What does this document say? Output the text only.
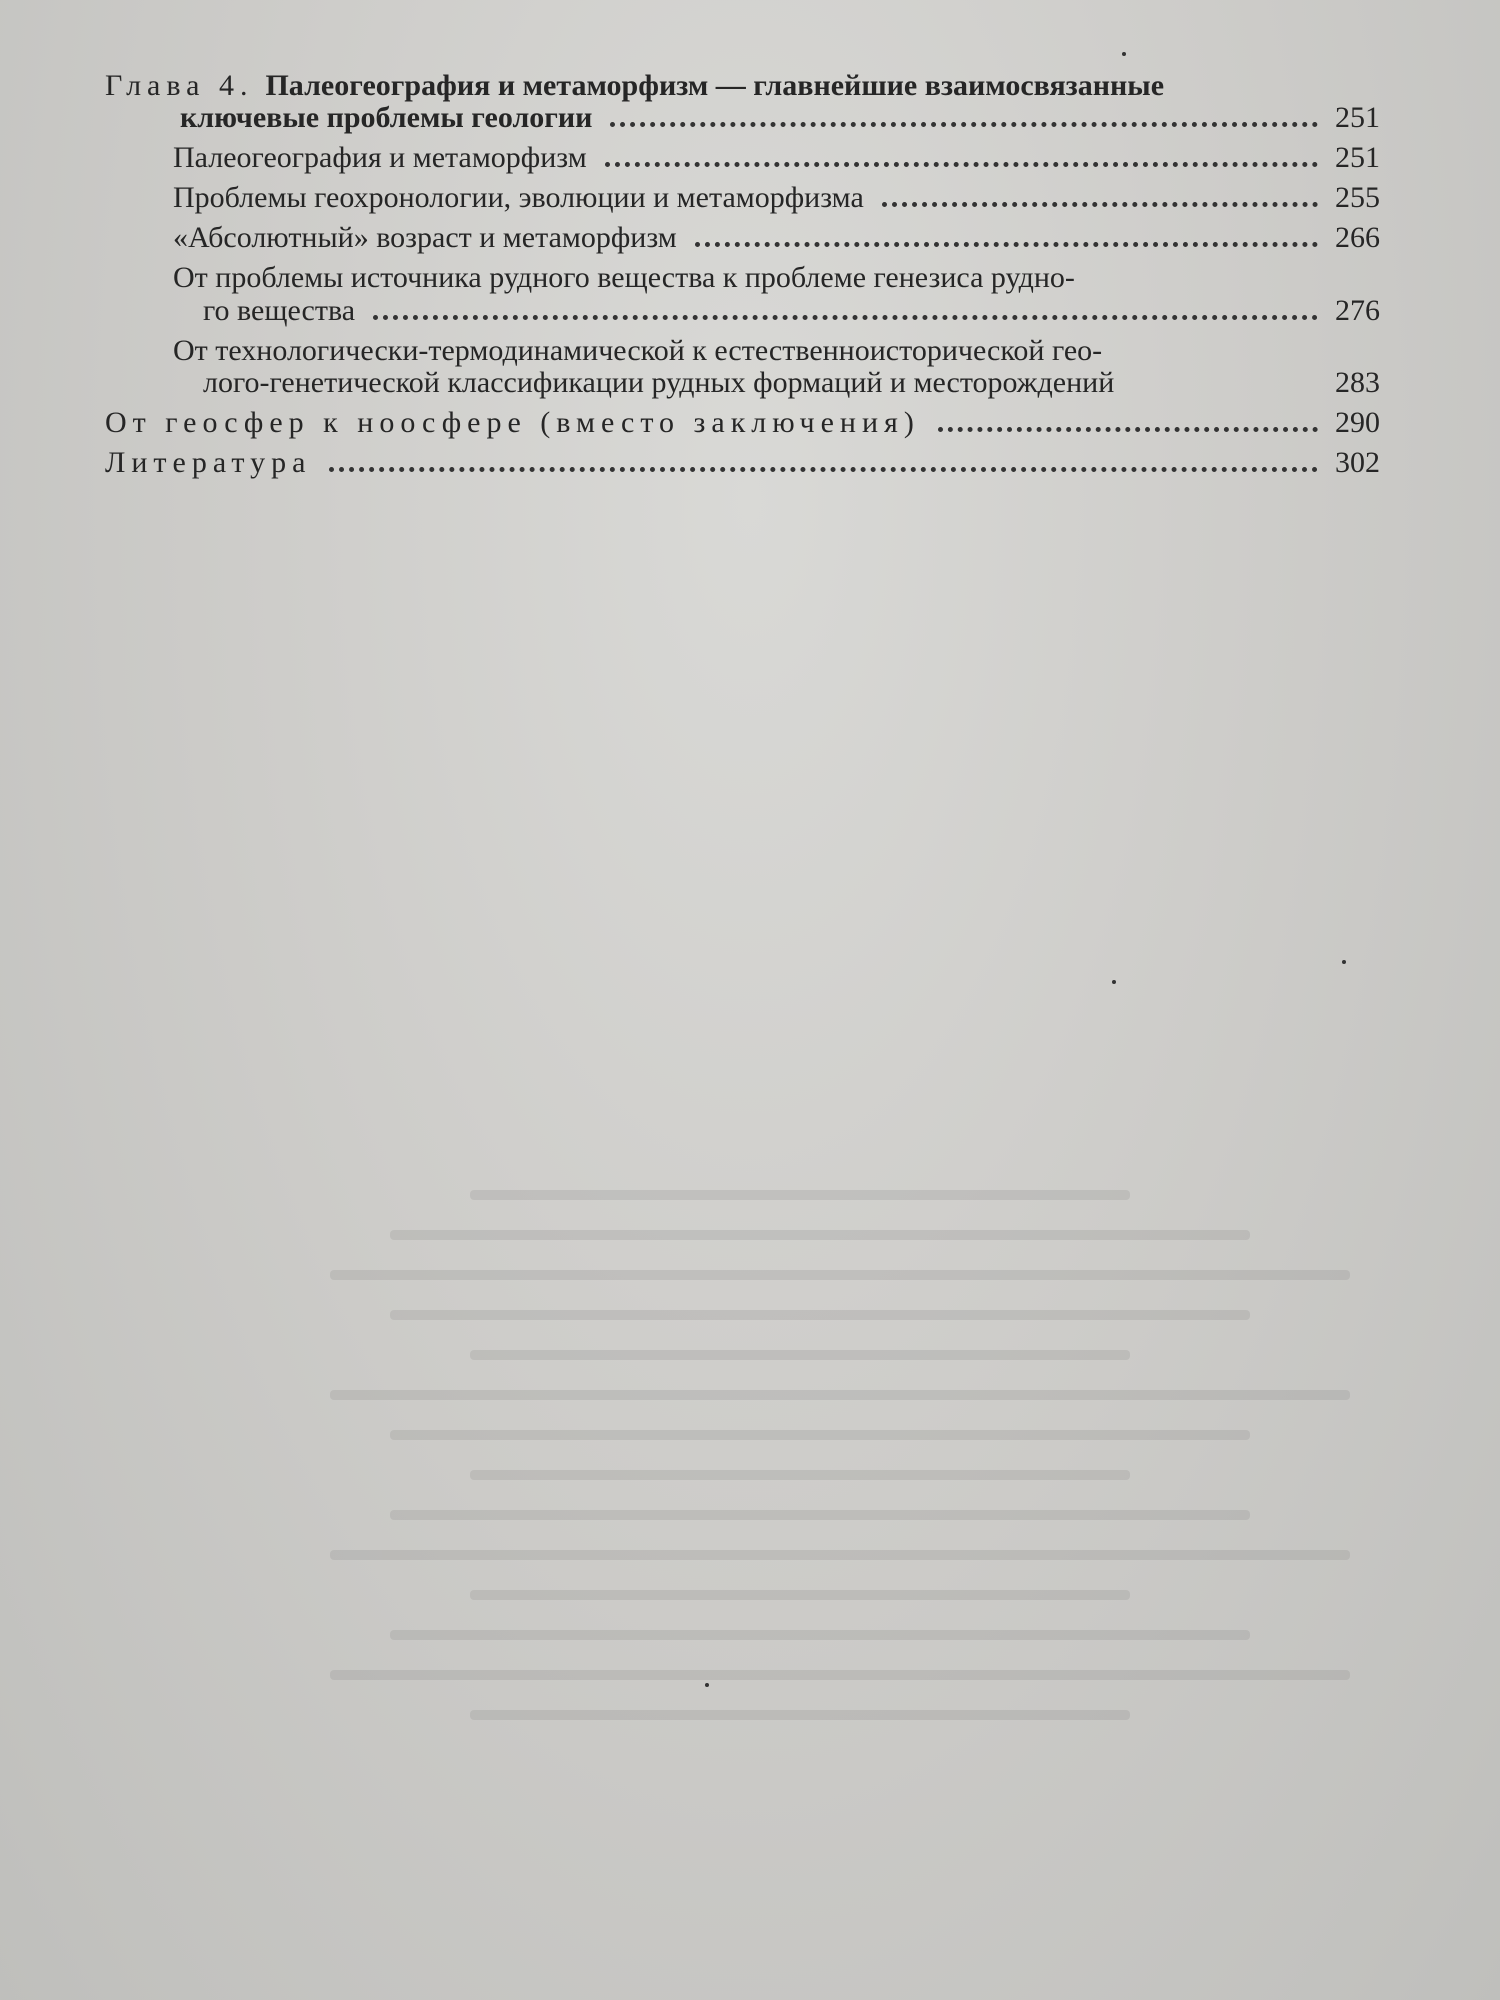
Глава 4. Палеогеография и метаморфизм — главнейшие взаимосвязанные
ключевые проблемы геологии	251
Палеогеография и метаморфизм	251
Проблемы геохронологии, эволюции и метаморфизма	255
«Абсолютный» возраст и метаморфизм	266
От проблемы источника рудного вещества к проблеме генезиса рудно-
го вещества	276
От технологически-термодинамической к естественноисторической гео-
лого-генетической классификации рудных формаций и месторождений	283
От геосфер к ноосфере (вместо заключения)	290
Литература	302
